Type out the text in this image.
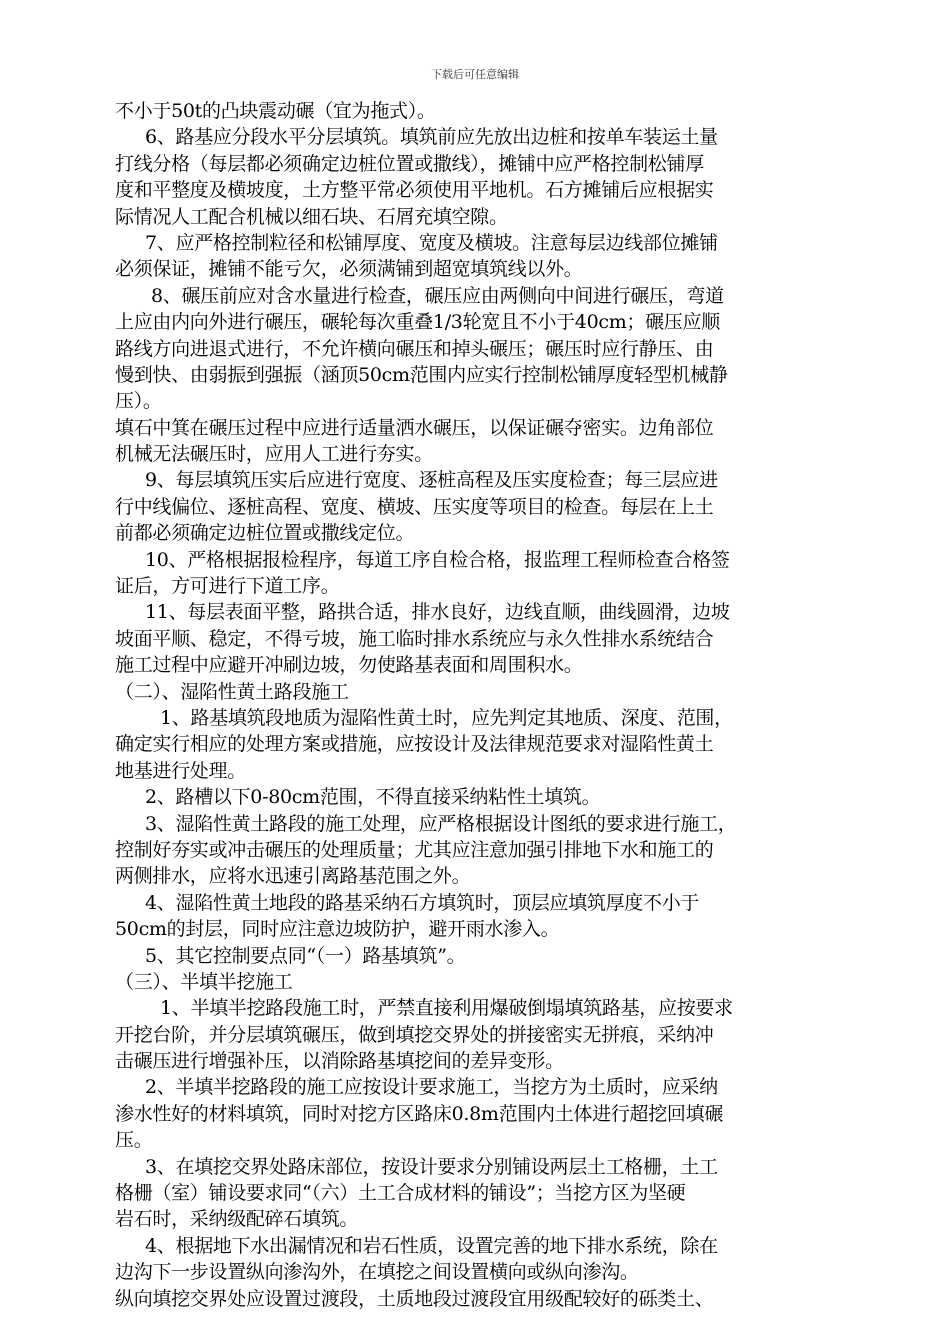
下载后可任意编辑
不小于50t的凸块震动碾（宜为拖式）。
6、路基应分段水平分层填筑。填筑前应先放出边桩和按单车装运土量
打线分格（每层都必须确定边桩位置或撒线），摊铺中应严格控制松铺厚
度和平整度及横坡度，土方整平常必须使用平地机。石方摊铺后应根据实
际情况人工配合机械以细石块、石屑充填空隙。
7、应严格控制粒径和松铺厚度、宽度及横坡。注意每层边线部位摊铺
必须保证，摊铺不能亏欠，必须满铺到超宽填筑线以外。
8、碾压前应对含水量进行检查，碾压应由两侧向中间进行碾压，弯道
上应由内向外进行碾压，碾轮每次重叠1/3轮宽且不小于40cm；碾压应顺
路线方向进退式进行，不允许横向碾压和掉头碾压；碾压时应行静压、由
慢到快、由弱振到强振（涵顶50cm范围内应实行控制松铺厚度轻型机械静
压）。
填石中箕在碾压过程中应进行适量洒水碾压，以保证碾夺密实。边角部位
机械无法碾压时，应用人工进行夯实。
9、每层填筑压实后应进行宽度、逐桩高程及压实度检查；每三层应进
行中线偏位、逐桩高程、宽度、横坡、压实度等项目的检查。每层在上土
前都必须确定边桩位置或撒线定位。
10、严格根据报检程序，每道工序自检合格，报监理工程师检查合格签
证后，方可进行下道工序。
11、每层表面平整，路拱合适，排水良好，边线直顺，曲线圆滑，边坡
坡面平顺、稳定，不得亏坡，施工临时排水系统应与永久性排水系统结合
施工过程中应避开冲刷边坡，勿使路基表面和周围积水。
（二）、湿陷性黄土路段施工
1、路基填筑段地质为湿陷性黄土时，应先判定其地质、深度、范围，
确定实行相应的处理方案或措施，应按设计及法律规范要求对湿陷性黄土
地基进行处理。
2、路槽以下0-80cm范围，不得直接采纳粘性土填筑。
3、湿陷性黄土路段的施工处理，应严格根据设计图纸的要求进行施工，
控制好夯实或冲击碾压的处理质量；尤其应注意加强引排地下水和施工的
两侧排水，应将水迅速引离路基范围之外。
4、湿陷性黄土地段的路基采纳石方填筑时，顶层应填筑厚度不小于
50cm的封层，同时应注意边坡防护，避开雨水渗入。
5、其它控制要点同“（一）路基填筑”。
（三）、半填半挖施工
1、半填半挖路段施工时，严禁直接利用爆破倒塌填筑路基，应按要求
开挖台阶，并分层填筑碾压，做到填挖交界处的拼接密实无拼痕，采纳冲
击碾压进行增强补压，以消除路基填挖间的差异变形。
2、半填半挖路段的施工应按设计要求施工，当挖方为土质时，应采纳
渗水性好的材料填筑，同时对挖方区路床0.8m范围内土体进行超挖回填碾
压。
3、在填挖交界处路床部位，按设计要求分别铺设两层土工格栅，土工
格栅（室）铺设要求同“（六）土工合成材料的铺设”；当挖方区为坚硬
岩石时，采纳级配碎石填筑。
4、根据地下水出漏情况和岩石性质，设置完善的地下排水系统，除在
边沟下一步设置纵向渗沟外，在填挖之间设置横向或纵向渗沟。
纵向填挖交界处应设置过渡段，土质地段过渡段宜用级配较好的砾类土、
